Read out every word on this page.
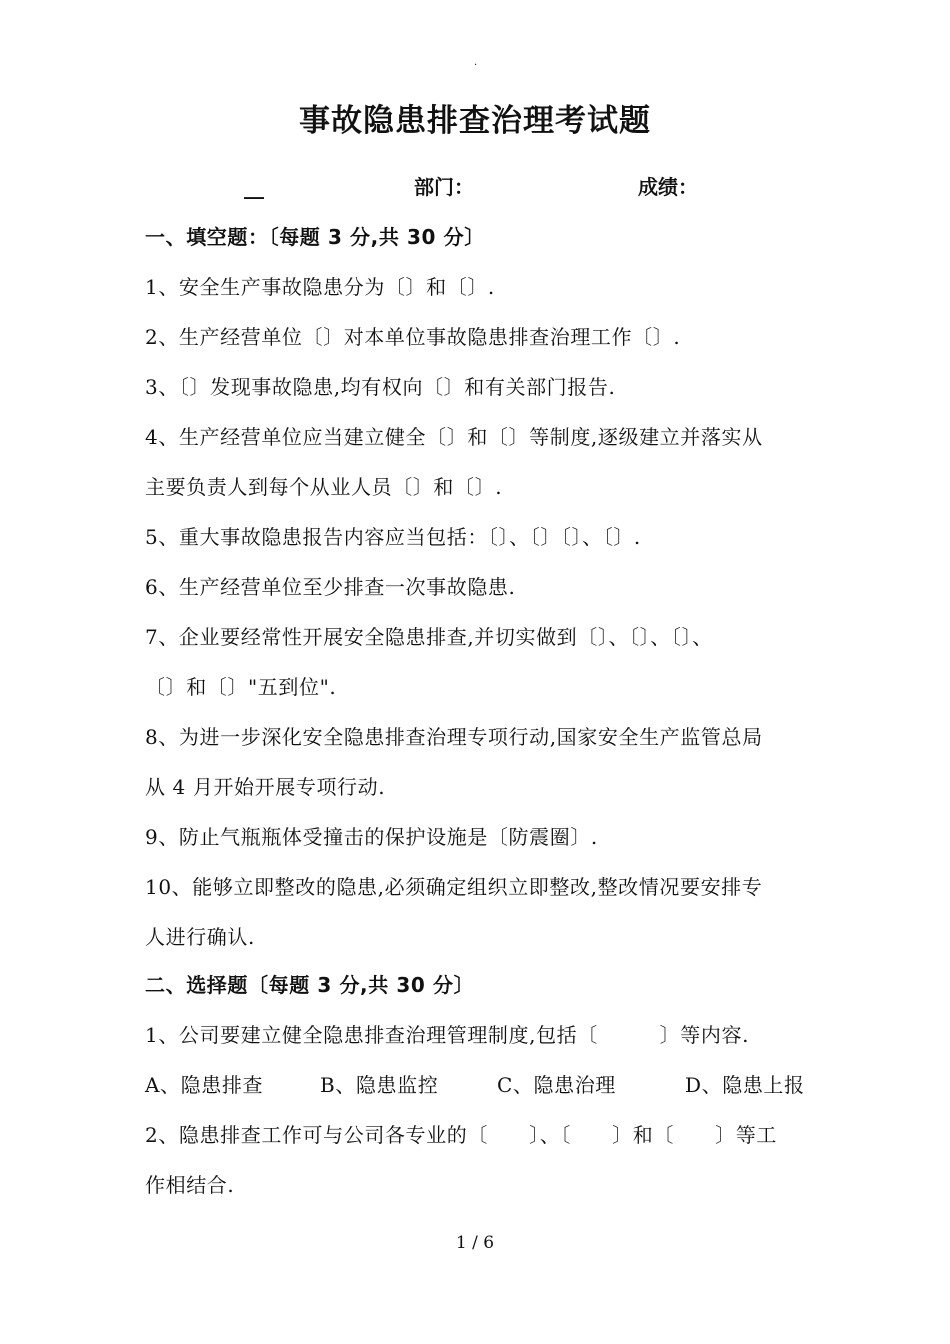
.
事故隐患排查治理考试题
__	部门：	成绩：
一、填空题：〔每题 3 分,共 30 分〕
1、安全生产事故隐患分为〔〕和〔〕.
2、生产经营单位〔〕对本单位事故隐患排查治理工作〔〕.
3、〔〕发现事故隐患,均有权向〔〕和有关部门报告.
4、生产经营单位应当建立健全〔〕和〔〕等制度,逐级建立并落实从
主要负责人到每个从业人员〔〕和〔〕.
5、重大事故隐患报告内容应当包括：〔〕、〔〕〔〕、〔〕.
6、生产经营单位至少排查一次事故隐患.
7、企业要经常性开展安全隐患排查,并切实做到〔〕、〔〕、〔〕、
〔〕和〔〕"五到位".
8、为进一步深化安全隐患排查治理专项行动,国家安全生产监管总局
从 4 月开始开展专项行动.
9、防止气瓶瓶体受撞击的保护设施是〔防震圈〕.
10、能够立即整改的隐患,必须确定组织立即整改,整改情况要安排专
人进行确认.
二、选择题〔每题 3 分,共 30 分〕
1、公司要建立健全隐患排查治理管理制度,包括〔　　　〕等内容.
A、隐患排查	B、隐患监控	C、隐患治理	D、隐患上报
2、隐患排查工作可与公司各专业的〔　　〕、〔　　〕和〔　　〕等工
作相结合.
1 / 6
